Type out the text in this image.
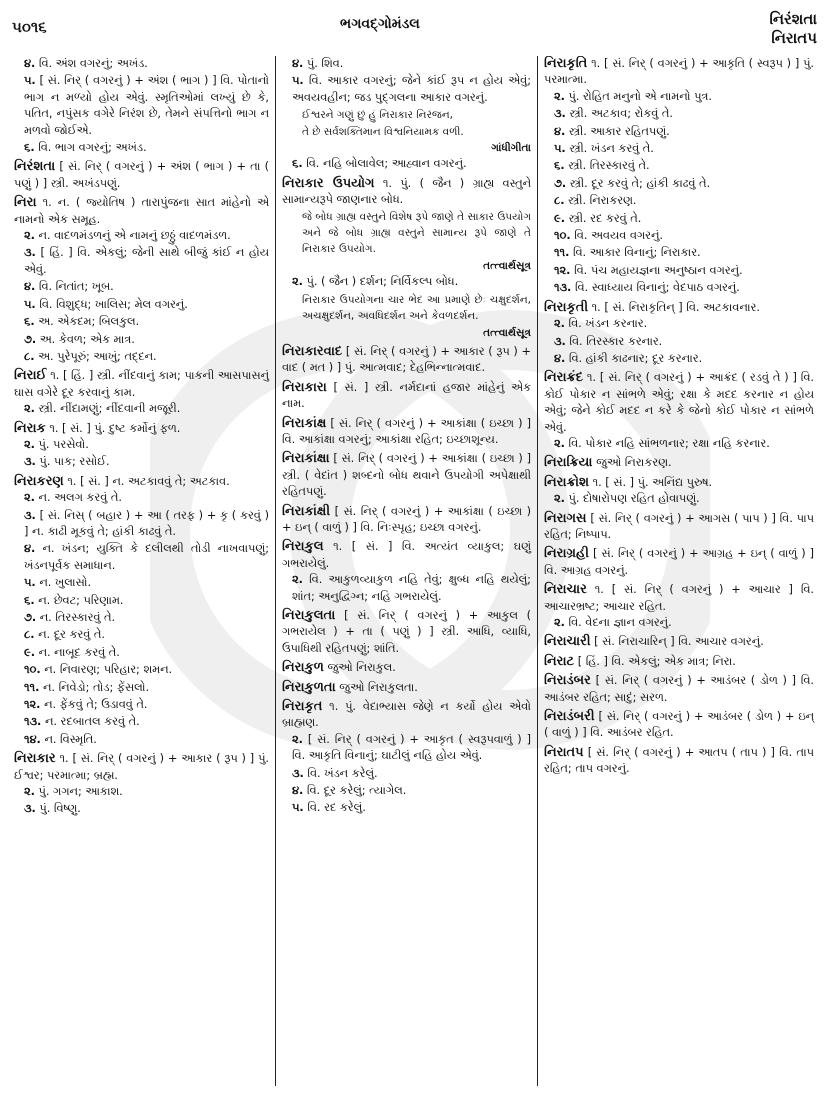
૫૦૧૬	ભગવદ્ગોમંડલ	નિરંશતા
નિરાતપ
૪. વિ. અંશ વગરનું; અખંડ.
૫. [ સં. નિર્ ( વગરનું ) + અંશ ( ભાગ ) ] વિ. પોતાનો ભાગ ન મળ્યો હોય એવું. સ્મૃતિઓમાં લખ્યું છે કે, પતિત, નપુંસક વગેરે નિરંશ છે, તેમને સંપત્તિનો ભાગ ન મળવો જોઈએ.
૬. વિ. ભાગ વગરનું; અખંડ.
નિરંશતા [ સં. નિર્ ( વગરનું ) + અંશ ( ભાગ ) + તા ( પણું ) ] સ્ત્રી. અખંડપણું.
નિરા ૧. ન. ( જ્યોતિષ ) તારાપુંજના સાત માંહેનો એ નામનો એક સમૂહ.
૨. ન. વાદળમંડળનું એ નામનું છઠ્ઠું વાદળમંડળ.
૩. [ હિં. ] વિ. એકલું; જેની સાથે બીજું કાંઈ ન હોય એવું.
૪. વિ. નિતાંત; ખૂબ.
૫. વિ. વિશુદ્ધ; ખાલિસ; મેલ વગરનું.
૬. અ. એકદમ; બિલકુલ.
૭. અ. કેવળ; એક માત્ર.
૮. અ. પુરેપૂરું; આખું; તદ્દન.
નિરાઈ ૧. [ હિં. ] સ્ત્રી. નીંદવાનું કામ; પાકની આસપાસનું ઘાસ વગેરે દૂર કરવાનું કામ.
૨. સ્ત્રી. નીંદામણું; નીંદવાની મજૂરી.
નિરાક ૧. [ સં. ] પું. દુષ્ટ કર્મોનું ફળ.
૨. પું. પરસેવો.
૩. પું. પાક; રસોઈ.
નિરાકરણ ૧. [ સં. ] ન. અટકાવવું તે; અટકાવ.
૨. ન. અલગ કરવું તે.
૩. [ સં. નિસ્ ( બહાર ) + આ ( તરફ ) + કૃ ( કરવું ) ] ન. કાઢી મૂકવું તે; હાંકી કાઢવું તે.
૪. ન. ખંડન; યુક્તિ કે દલીલથી તોડી નાખવાપણું; ખંડનપૂર્વક સમાધાન.
૫. ન. ખુલાસો.
૬. ન. છેવટ; પરિણામ.
૭. ન. તિરસ્કારવું તે.
૮. ન. દૂર કરવું તે.
૯. ન. નાબૂદ કરવું તે.
૧૦. ન. નિવારણ; પરિહાર; શમન.
૧૧. ન. નિવેડો; તોડ; ફેંસલો.
૧૨. ન. ફેંકવું તે; ઉડાવવું તે.
૧૩. ન. રદબાતલ કરવું તે.
૧૪. ન. વિસ્મૃતિ.
નિરાકાર ૧. [ સં. નિર્ ( વગરનું ) + આકાર ( રૂપ ) ] પું. ઈશ્વર; પરમાત્મા; બ્રહ્મ.
૨. પું. ગગન; આકાશ.
૩. પું. વિષ્ણુ.
૪. પું. શિવ.
૫. વિ. આકાર વગરનું; જેને કાંઈ રૂપ ન હોય એવું; અવયવહીન; જડ પુદ્ગલના આકાર વગરનું.
ઈશ્વરને ગણું છું હું નિરાકાર નિરંજન,
તે છે સર્વશક્તિમાન વિશ્વનિયામક વળી.
ગાંધીગીતા
૬. વિ. નહિ બોલાવેલ; આહ્વાન વગરનું.
નિરાકાર ઉપયોગ ૧. પું. ( જૈન ) ગ્રાહ્ય વસ્તુને સામાન્યરૂપે જાણનાર બોધ.
જે બોધ ગ્રાહ્ય વસ્તુને વિશેષ રૂપે જાણે તે સાકાર ઉપયોગ અને જે બોધ ગ્રાહ્ય વસ્તુને સામાન્ય રૂપે જાણે તે નિરાકાર ઉપયોગ.
તત્ત્વાર્થસૂત્ર
૨. પું. ( જૈન ) દર્શન; નિર્વિકલ્પ બોધ.
નિરાકાર ઉપયોગના ચાર ભેદ આ પ્રમાણે છેઃ ચક્ષુદર્શન, અચક્ષુદર્શન, અવધિદર્શન અને કેવળદર્શન.
તત્ત્વાર્થસૂત્ર
નિરાકારવાદ [ સં. નિર્ ( વગરનું ) + આકાર ( રૂપ ) + વાદ ( મત ) ] પું. આત્મવાદ; દેહભિન્નાત્મવાદ.
નિરાકારા [ સં. ] સ્ત્રી. નર્મદાનાં હજાર માંહેનું એક નામ.
નિરાકાંક્ષ [ સં. નિર્ ( વગરનું ) + આકાંક્ષા ( ઇચ્છા ) ] વિ. આકાંક્ષા વગરનું; આકાંક્ષા રહિત; ઇચ્છાશૂન્ય.
નિરાકાંક્ષા [ સં. નિર્ ( વગરનું ) + આકાંક્ષા ( ઇચ્છા ) ] સ્ત્રી. ( વેદાંત ) શબ્દનો બોધ થવાને ઉપયોગી અપેક્ષાથી રહિતપણું.
નિરાકાંક્ષી [ સં. નિર્ ( વગરનું ) + આકાંક્ષા ( ઇચ્છા ) + ઇન્ ( વાળું ) ] વિ. નિઃસ્પૃહ; ઇચ્છા વગરનું.
નિરાકુલ ૧. [ સં. ] વિ. અત્યંત વ્યાકુલ; ઘણું ગભરાયેલું.
૨. વિ. આકુળવ્યાકુળ નહિ તેવું; ક્ષુબ્ધ નહિ થયેલું; શાંત; અનુદ્વિગ્ન; નહિ ગભરાયેલું.
નિરાકુલતા [ સં. નિર્ ( વગરનું ) + આકુલ ( ગભરાયેલ ) + તા ( પણું ) ] સ્ત્રી. આધિ, વ્યાધિ, ઉપાધિથી રહિતપણું; શાંતિ.
નિરાકુળ જુઓ નિરાકુલ.
નિરાકુળતા જુઓ નિરાકુલતા.
નિરાકૃત ૧. પું. વેદાભ્યાસ જેણે ન કર્યો હોય એવો બ્રાહ્મણ.
૨. [ સં. નિર્ ( વગરનું ) + આકૃત ( સ્વરૂપવાળું ) ] વિ. આકૃતિ વિનાનું; ઘાટીલું નહિ હોય એવું.
૩. વિ. ખંડન કરેલું.
૪. વિ. દૂર કરેલું; ત્યાગેલ.
૫. વિ. રદ કરેલું.
નિરાકૃતિ ૧. [ સં. નિર્ ( વગરનું ) + આકૃતિ ( સ્વરૂપ ) ] પું. પરમાત્મા.
૨. પું. રોહિત મનુનો એ નામનો પુત્ર.
૩. સ્ત્રી. અટકાવ; રોકવું તે.
૪. સ્ત્રી. આકાર રહિતપણું.
૫. સ્ત્રી. ખંડન કરવું તે.
૬. સ્ત્રી. તિરસ્કારવું તે.
૭. સ્ત્રી. દૂર કરવું તે; હાંકી કાઢવું તે.
૮. સ્ત્રી. નિરાકરણ.
૯. સ્ત્રી. રદ કરવું તે.
૧૦. વિ. અવયવ વગરનું.
૧૧. વિ. આકાર વિનાનું; નિરાકાર.
૧૨. વિ. પંચ મહાયજ્ઞના અનુષ્ઠાન વગરનું.
૧૩. વિ. સ્વાધ્યાય વિનાનું; વેદપાઠ વગરનું.
નિરાકૃતી ૧. [ સં. નિરાકૃતિન્ ] વિ. અટકાવનાર.
૨. વિ. ખંડન કરનાર.
૩. વિ. તિરસ્કાર કરનાર.
૪. વિ. હાંકી કાઢનાર; દૂર કરનાર.
નિરાક્રંદ ૧. [ સં. નિર્ ( વગરનું ) + આક્રંદ ( રડવું તે ) ] વિ. કોઈ પોકાર ન સાંભળે એવું; રક્ષા કે મદદ કરનાર ન હોય એવું; જેને કોઈ મદદ ન કરે કે જેનો કોઈ પોકાર ન સાંભળે એવું.
૨. વિ. પોકાર નહિ સાંભળનાર; રક્ષા નહિ કરનાર.
નિરાક્રિયા જુઓ નિરાકરણ.
નિરાક્રોશ ૧. [ સં. ] પું. અનિંદ્ય પુરુષ.
૨. પું. દોષારોપણ રહિત હોવાપણું.
નિરાગસ [ સં. નિર્ ( વગરનું ) + આગસ ( પાપ ) ] વિ. પાપ રહિત; નિષ્પાપ.
નિરાગ્રહી [ સં. નિર્ ( વગરનું ) + આગ્રહ + ઇન્ ( વાળું ) ] વિ. આગ્રહ વગરનું.
નિરાચાર ૧. [ સં. નિર્ ( વગરનું ) + આચાર ] વિ. આચારભ્રષ્ટ; આચાર રહિત.
૨. વિ. વેદના જ્ઞાન વગરનું.
નિરાચારી [ સં. નિરાચારિન્ ] વિ. આચાર વગરનું.
નિરાટ [ હિં. ] વિ. એકલું; એક માત્ર; નિરા.
નિરાડંબર [ સં. નિર્ ( વગરનું ) + આડંબર ( ડોળ ) ] વિ. આડંબર રહિત; સાદું; સરળ.
નિરાડંબરી [ સં. નિર્ ( વગરનું ) + આડંબર ( ડોળ ) + ઇન્ ( વાળું ) ] વિ. આડંબર રહિત.
નિરાતપ [ સં. નિર્ ( વગરનું ) + આતપ ( તાપ ) ] વિ. તાપ રહિત; તાપ વગરનું.
